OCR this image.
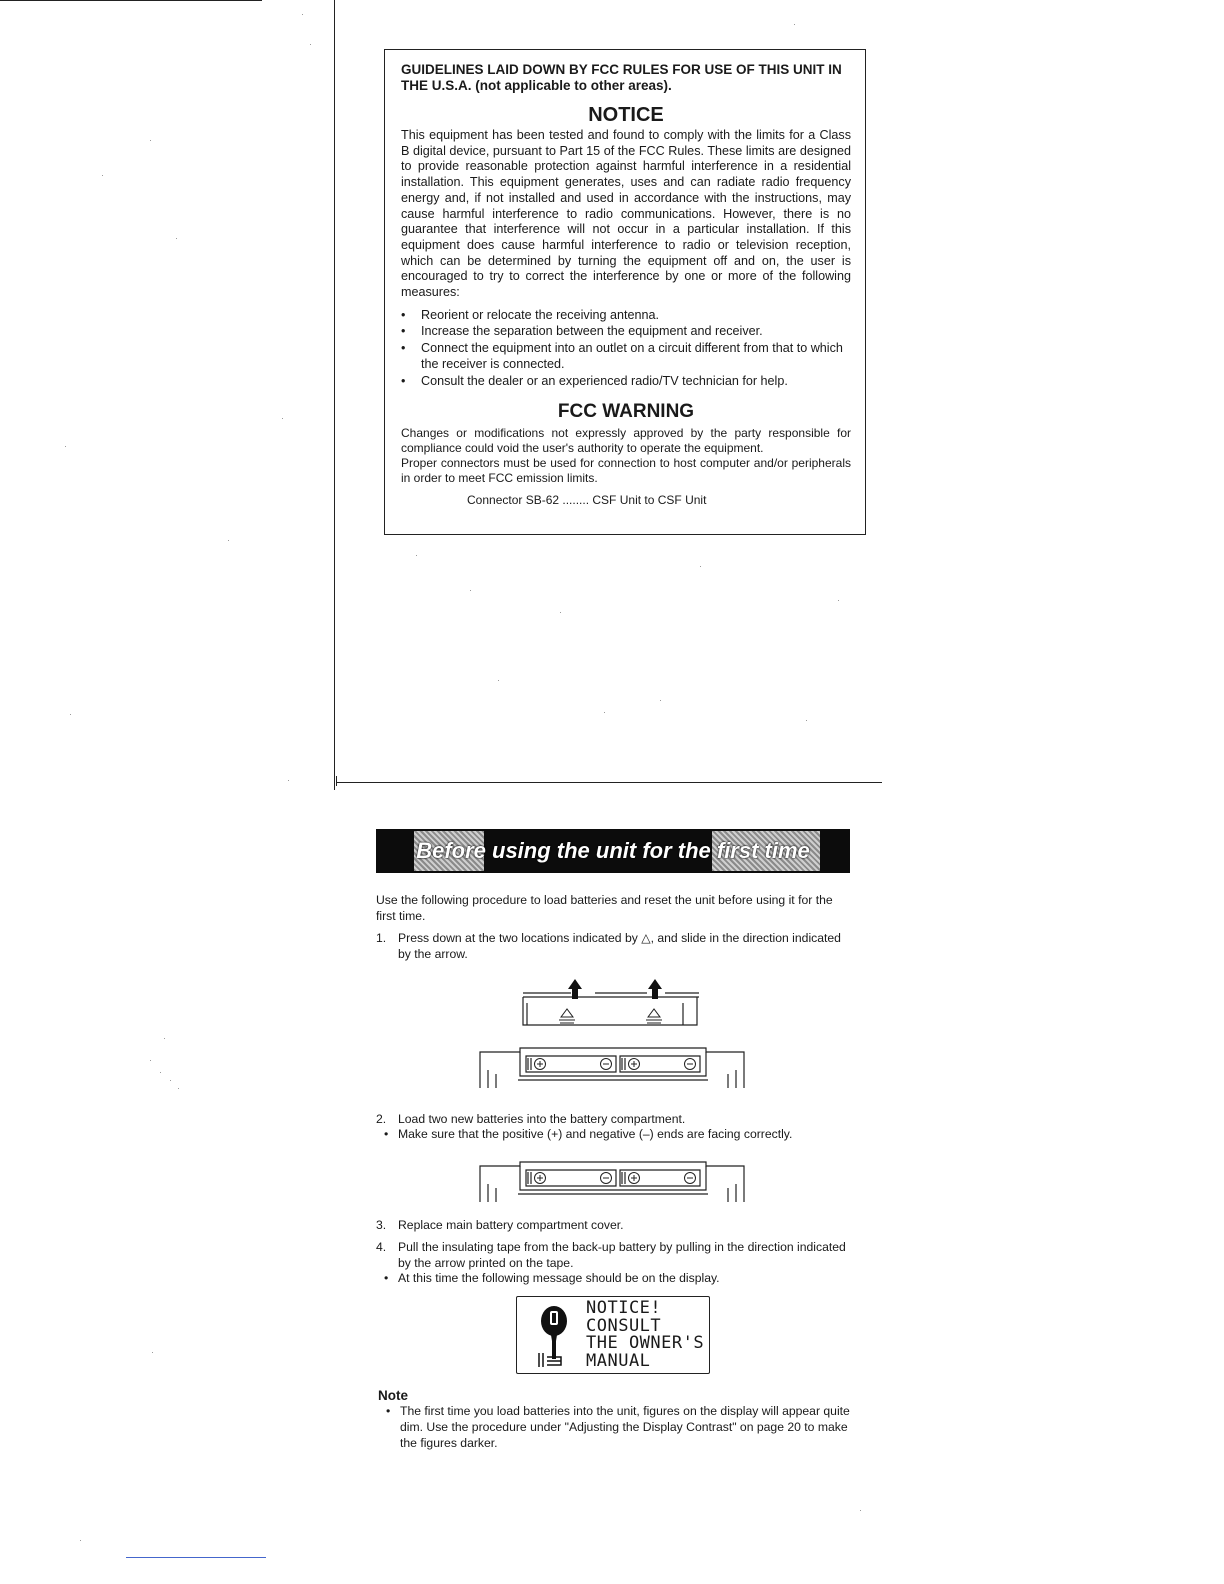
GUIDELINES LAID DOWN BY FCC RULES FOR USE OF THIS UNIT IN THE U.S.A. (not applicable to other areas).

NOTICE

This equipment has been tested and found to comply with the limits for a Class B digital device, pursuant to Part 15 of the FCC Rules. These limits are designed to provide reasonable protection against harmful interference in a residential installation. This equipment generates, uses and can radiate radio frequency energy and, if not installed and used in accordance with the instructions, may cause harmful interference to radio communications. However, there is no guarantee that interference will not occur in a particular installation. If this equipment does cause harmful interference to radio or television reception, which can be determined by turning the equipment off and on, the user is encouraged to try to correct the interference by one or more of the following measures:

• Reorient or relocate the receiving antenna.
• Increase the separation between the equipment and receiver.
• Connect the equipment into an outlet on a circuit different from that to which the receiver is connected.
• Consult the dealer or an experienced radio/TV technician for help.

FCC WARNING

Changes or modifications not expressly approved by the party responsible for compliance could void the user's authority to operate the equipment.

Proper connectors must be used for connection to host computer and/or peripherals in order to meet FCC emission limits.

Connector SB-62 ........ CSF Unit to CSF Unit

Before using the unit for the first time
Use the following procedure to load batteries and reset the unit before using it for the first time.
1. Press down at the two locations indicated by △, and slide in the direction indicated by the arrow.
2. Load two new batteries into the battery compartment.
• Make sure that the positive (+) and negative (–) ends are facing correctly.
3. Replace main battery compartment cover.
4. Pull the insulating tape from the back-up battery by pulling in the direction indicated by the arrow printed on the tape.
• At this time the following message should be on the display.
NOTICE!
CONSULT
THE OWNER'S
MANUAL
Note
• The first time you load batteries into the unit, figures on the display will appear quite dim. Use the procedure under "Adjusting the Display Contrast" on page 20 to make the figures darker.
